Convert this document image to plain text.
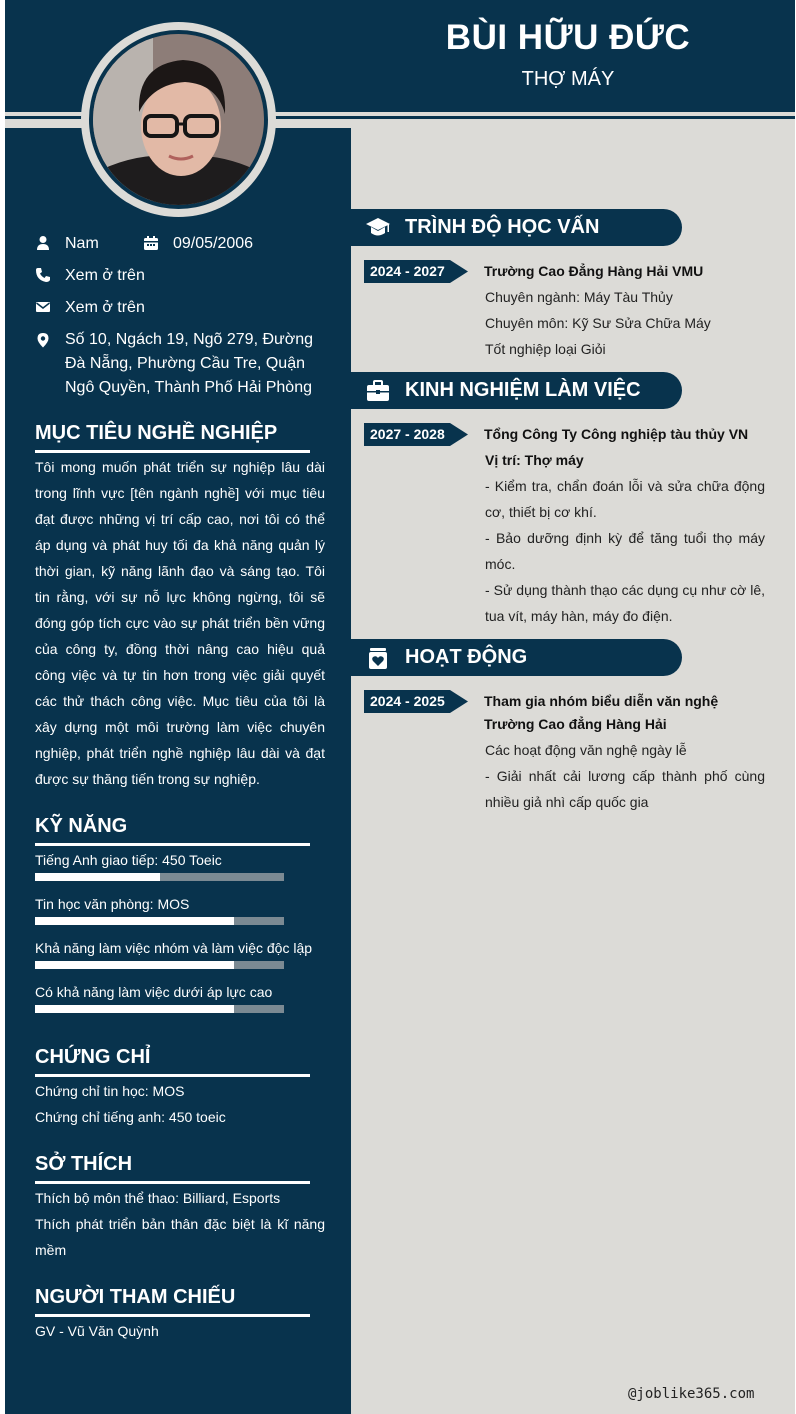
BÙI HỮU ĐỨC
THỢ MÁY
Nam	09/05/2006
Xem ở trên
Xem ở trên
Số 10, Ngách 19, Ngõ 279, Đường Đà Nẵng, Phường Cầu Tre, Quận Ngô Quyền, Thành Phố Hải Phòng
MỤC TIÊU NGHỀ NGHIỆP
Tôi mong muốn phát triển sự nghiệp lâu dài trong lĩnh vực [tên ngành nghề] với mục tiêu đạt được những vị trí cấp cao, nơi tôi có thể áp dụng và phát huy tối đa khả năng quản lý thời gian, kỹ năng lãnh đạo và sáng tạo. Tôi tin rằng, với sự nỗ lực không ngừng, tôi sẽ đóng góp tích cực vào sự phát triển bền vững của công ty, đồng thời nâng cao hiệu quả công việc và tự tin hơn trong việc giải quyết các thử thách công việc. Mục tiêu của tôi là xây dựng một môi trường làm việc chuyên nghiệp, phát triển nghề nghiệp lâu dài và đạt được sự thăng tiến trong sự nghiệp.
KỸ NĂNG
Tiếng Anh giao tiếp: 450 Toeic
Tin học văn phòng: MOS
Khả năng làm việc nhóm và làm việc độc lập
Có khả năng làm việc dưới áp lực cao
CHỨNG CHỈ
Chứng chỉ tin học: MOS
Chứng chỉ tiếng anh: 450 toeic
SỞ THÍCH
Thích bộ môn thể thao: Billiard, Esports
Thích phát triển bản thân đặc biệt là kĩ năng mềm
NGƯỜI THAM CHIẾU
GV - Vũ Văn Quỳnh
TRÌNH ĐỘ HỌC VẤN
2024 - 2027	Trường Cao Đẳng Hàng Hải VMU
Chuyên ngành: Máy Tàu Thủy
Chuyên môn: Kỹ Sư Sửa Chữa Máy
Tốt nghiệp loại Giỏi
KINH NGHIỆM LÀM VIỆC
2027 - 2028	Tổng Công Ty Công nghiệp tàu thủy VN
Vị trí: Thợ máy
- Kiểm tra, chẩn đoán lỗi và sửa chữa động cơ, thiết bị cơ khí.
- Bảo dưỡng định kỳ để tăng tuổi thọ máy móc.
- Sử dụng thành thạo các dụng cụ như cờ lê, tua vít, máy hàn, máy đo điện.
HOẠT ĐỘNG
2024 - 2025	Tham gia nhóm biểu diễn văn nghệ Trường Cao đẳng Hàng Hải
Các hoạt động văn nghệ ngày lễ
- Giải nhất cải lương cấp thành phố cùng nhiều giả nhì cấp quốc gia
@joblike365.com
